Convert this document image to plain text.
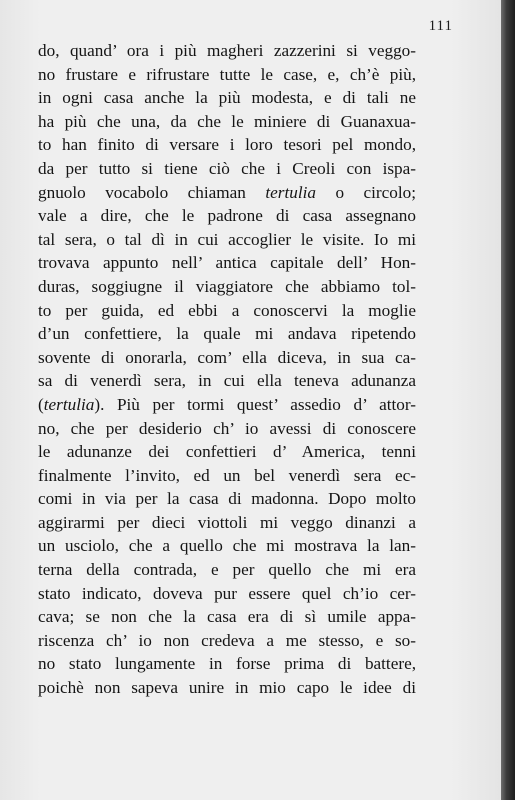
111
do, quand’ ora i più magheri zazzerini si veggo-
no frustare e rifrustare tutte le case, e, ch’è più,
in ogni casa anche la più modesta, e di tali ne
ha più che una, da che le miniere di Guanaxua-
to han finito di versare i loro tesori pel mondo,
da per tutto si tiene ciò che i Creoli con ispa-
gnuolo vocabolo chiaman tertulia o circolo;
vale a dire, che le padrone di casa assegnano
tal sera, o tal dì in cui accoglier le visite. Io mi
trovava appunto nell’ antica capitale dell’ Hon-
duras, soggiugne il viaggiatore che abbiamo tol-
to per guida, ed ebbi a conoscervi la moglie
d’un confettiere, la quale mi andava ripetendo
sovente di onorarla, com’ ella diceva, in sua ca-
sa di venerdì sera, in cui ella teneva adunanza
(tertulia). Più per tormi quest’ assedio d’ attor-
no, che per desiderio ch’ io avessi di conoscere
le adunanze dei confettieri d’ America, tenni
finalmente l’invito, ed un bel venerdì sera ec-
comi in via per la casa di madonna. Dopo molto
aggirarmi per dieci viottoli mi veggo dinanzi a
un usciolo, che a quello che mi mostrava la lan-
terna della contrada, e per quello che mi era
stato indicato, doveva pur essere quel ch’io cer-
cava; se non che la casa era di sì umile appa-
riscenza ch’ io non credeva a me stesso, e so-
no stato lungamente in forse prima di battere,
poichè non sapeva unire in mio capo le idee di
